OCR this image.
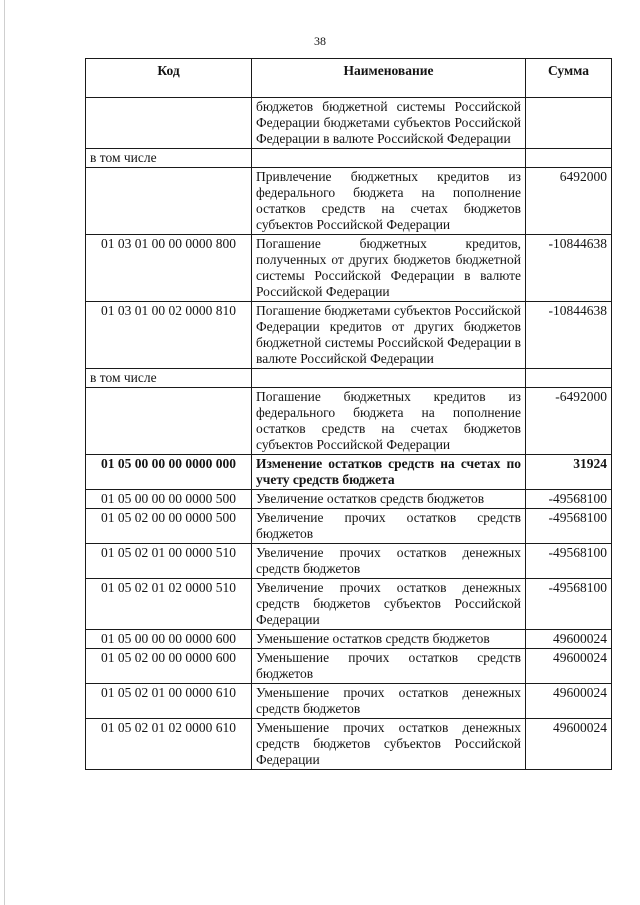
38
Код	Наименование	Сумма
	бюджетов бюджетной системы Российской Федерации бюджетами субъектов Российской Федерации в валюте Российской Федерации	
в том числе		
	Привлечение бюджетных кредитов из федерального бюджета на пополнение остатков средств на счетах бюджетов субъектов Российской Федерации	6492000
01 03 01 00 00 0000 800	Погашение бюджетных кредитов, полученных от других бюджетов бюджетной системы Российской Федерации в валюте Российской Федерации	-10844638
01 03 01 00 02 0000 810	Погашение бюджетами субъектов Российской Федерации кредитов от других бюджетов бюджетной системы Российской Федерации в валюте Российской Федерации	-10844638
в том числе		
	Погашение бюджетных кредитов из федерального бюджета на пополнение остатков средств на счетах бюджетов субъектов Российской Федерации	-6492000
01 05 00 00 00 0000 000	Изменение остатков средств на счетах по учету средств бюджета	31924
01 05 00 00 00 0000 500	Увеличение остатков средств бюджетов	-49568100
01 05 02 00 00 0000 500	Увеличение прочих остатков средств бюджетов	-49568100
01 05 02 01 00 0000 510	Увеличение прочих остатков денежных средств бюджетов	-49568100
01 05 02 01 02 0000 510	Увеличение прочих остатков денежных средств бюджетов субъектов Российской Федерации	-49568100
01 05 00 00 00 0000 600	Уменьшение остатков средств бюджетов	49600024
01 05 02 00 00 0000 600	Уменьшение прочих остатков средств бюджетов	49600024
01 05 02 01 00 0000 610	Уменьшение прочих остатков денежных средств бюджетов	49600024
01 05 02 01 02 0000 610	Уменьшение прочих остатков денежных средств бюджетов субъектов Российской Федерации	49600024
